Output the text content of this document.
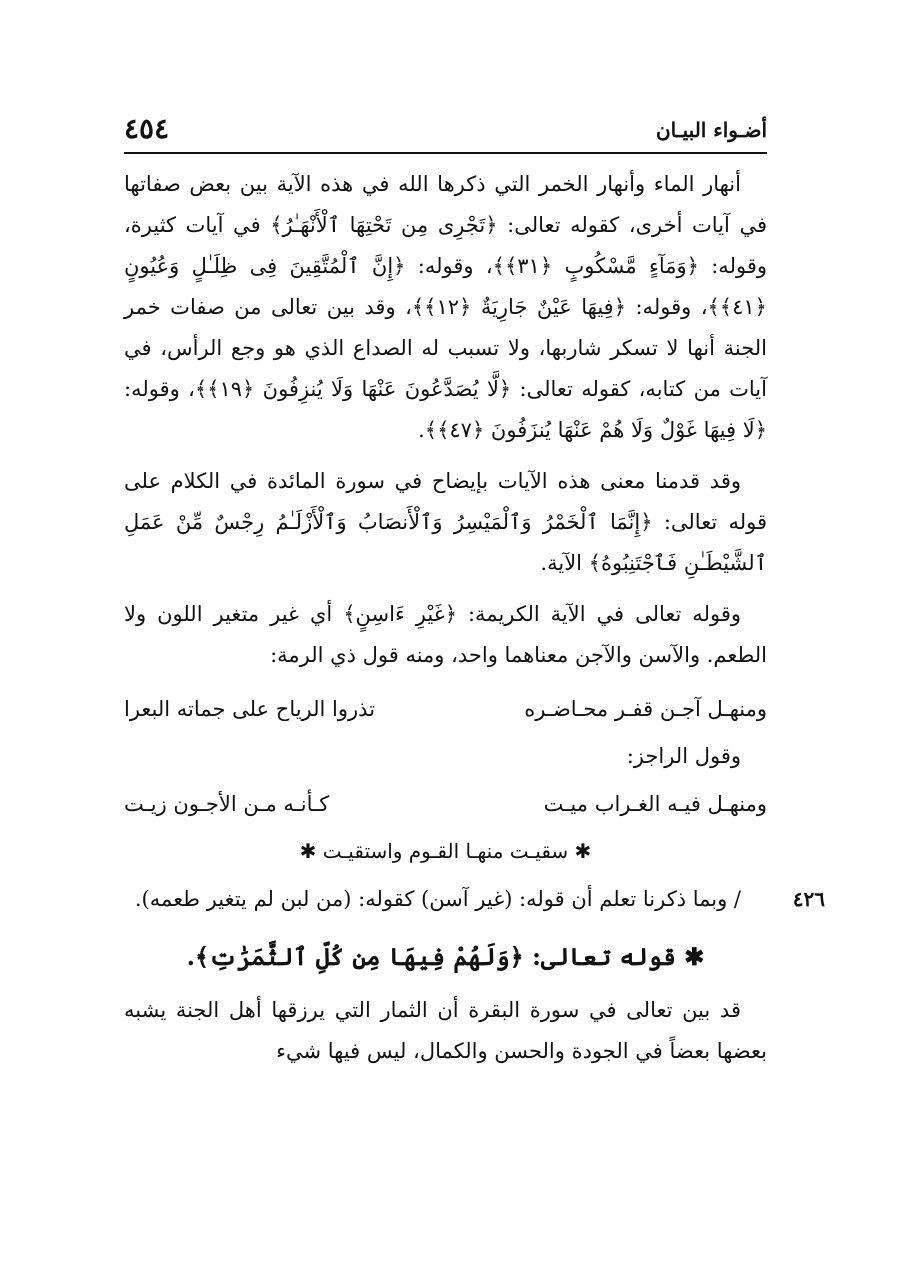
أضـواء البيـان
٤٥٤

أنهار الماء وأنهار الخمر التي ذكرها الله في هذه الآية بين بعض صفاتها في آيات أخرى، كقوله تعالى: ﴿تَجْرِى مِن تَحْتِهَا ٱلْأَنْهَـٰرُ﴾ في آيات كثيرة، وقوله: ﴿وَمَآءٍ مَّسْكُوبٍ ﴿٣١﴾﴾، وقوله: ﴿إِنَّ ٱلْمُتَّقِينَ فِى ظِلَـٰلٍ وَعُيُونٍ ﴿٤١﴾﴾، وقوله: ﴿فِيهَا عَيْنٌ جَارِيَةٌ ﴿١٢﴾﴾، وقد بين تعالى من صفات خمر الجنة أنها لا تسكر شاربها، ولا تسبب له الصداع الذي هو وجع الرأس، في آيات من كتابه، كقوله تعالى: ﴿لَّا يُصَدَّعُونَ عَنْهَا وَلَا يُنزِفُونَ ﴿١٩﴾﴾، وقوله: ﴿لَا فِيهَا غَوْلٌ وَلَا هُمْ عَنْهَا يُنزَفُونَ ﴿٤٧﴾﴾.

وقد قدمنا معنى هذه الآيات بإيضاح في سورة المائدة في الكلام على قوله تعالى: ﴿إِنَّمَا ٱلْخَمْرُ وَٱلْمَيْسِرُ وَٱلْأَنصَابُ وَٱلْأَزْلَـٰمُ رِجْسٌ مِّنْ عَمَلِ ٱلشَّيْطَـٰنِ فَٱجْتَنِبُوهُ﴾ الآية.

وقوله تعالى في الآية الكريمة: ﴿غَيْرِ ءَاسِنٍ﴾ أي غير متغير اللون ولا الطعم. والآسن والآجن معناهما واحد، ومنه قول ذي الرمة:

ومنهـل آجـن قفـر محـاضـره
تذروا الرياح على جماته البعرا

وقول الراجز:

ومنهـل فيـه الغـراب ميـت
كـأنـه مـن الأجـون زيـت
✱ سقيـت منهـا القـوم واستقيـت ✱
٤٢٦

/ وبما ذكرنا تعلم أن قوله: (غير آسن) كقوله: (من لبن لم يتغير طعمه).

✱ قوله تعالى: ﴿وَلَهُمْ فِيهَا مِن كُلِّ ٱلثَّمَرَٰتِ﴾.

قد بين تعالى في سورة البقرة أن الثمار التي يرزقها أهل الجنة يشبه بعضها بعضاً في الجودة والحسن والكمال، ليس فيها شيء
